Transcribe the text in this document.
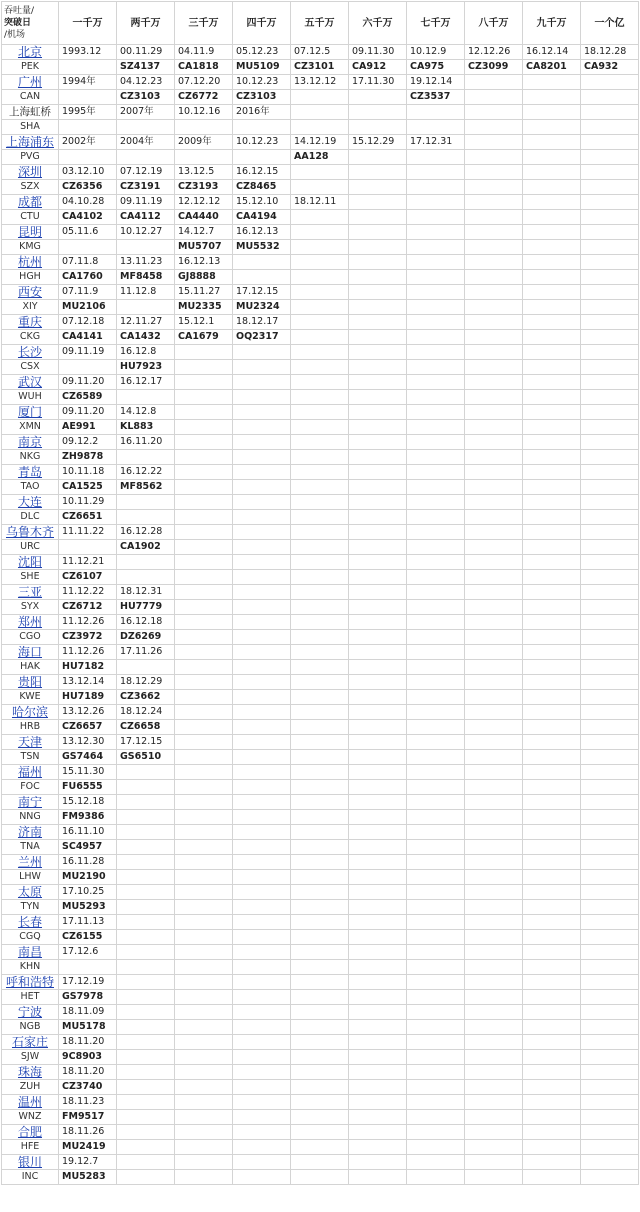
吞吐量/
突破日
/机场	一千万	两千万	三千万	四千万	五千万	六千万	七千万	八千万	九千万	一个亿
北京	1993.12	00.11.29	04.11.9	05.12.23	07.12.5	09.11.30	10.12.9	12.12.26	16.12.14	18.12.28
PEK		SZ4137	CA1818	MU5109	CZ3101	CA912	CA975	CZ3099	CA8201	CA932
广州	1994年	04.12.23	07.12.20	10.12.23	13.12.12	17.11.30	19.12.14			
CAN		CZ3103	CZ6772	CZ3103			CZ3537			
上海虹桥	1995年	2007年	10.12.16	2016年						
SHA										
上海浦东	2002年	2004年	2009年	10.12.23	14.12.19	15.12.29	17.12.31			
PVG					AA128					
深圳	03.12.10	07.12.19	13.12.5	16.12.15						
SZX	CZ6356	CZ3191	CZ3193	CZ8465						
成都	04.10.28	09.11.19	12.12.12	15.12.10	18.12.11					
CTU	CA4102	CA4112	CA4440	CA4194						
昆明	05.11.6	10.12.27	14.12.7	16.12.13						
KMG			MU5707	MU5532						
杭州	07.11.8	13.11.23	16.12.13							
HGH	CA1760	MF8458	GJ8888							
西安	07.11.9	11.12.8	15.11.27	17.12.15						
XIY	MU2106		MU2335	MU2324						
重庆	07.12.18	12.11.27	15.12.1	18.12.17						
CKG	CA4141	CA1432	CA1679	OQ2317						
长沙	09.11.19	16.12.8								
CSX		HU7923								
武汉	09.11.20	16.12.17								
WUH	CZ6589									
厦门	09.11.20	14.12.8								
XMN	AE991	KL883								
南京	09.12.2	16.11.20								
NKG	ZH9878									
青岛	10.11.18	16.12.22								
TAO	CA1525	MF8562								
大连	10.11.29									
DLC	CZ6651									
乌鲁木齐	11.11.22	16.12.28								
URC		CA1902								
沈阳	11.12.21									
SHE	CZ6107									
三亚	11.12.22	18.12.31								
SYX	CZ6712	HU7779								
郑州	11.12.26	16.12.18								
CGO	CZ3972	DZ6269								
海口	11.12.26	17.11.26								
HAK	HU7182									
贵阳	13.12.14	18.12.29								
KWE	HU7189	CZ3662								
哈尔滨	13.12.26	18.12.24								
HRB	CZ6657	CZ6658								
天津	13.12.30	17.12.15								
TSN	GS7464	GS6510								
福州	15.11.30									
FOC	FU6555									
南宁	15.12.18									
NNG	FM9386									
济南	16.11.10									
TNA	SC4957									
兰州	16.11.28									
LHW	MU2190									
太原	17.10.25									
TYN	MU5293									
长春	17.11.13									
CGQ	CZ6155									
南昌	17.12.6									
KHN										
呼和浩特	17.12.19									
HET	GS7978									
宁波	18.11.09									
NGB	MU5178									
石家庄	18.11.20									
SJW	9C8903									
珠海	18.11.20									
ZUH	CZ3740									
温州	18.11.23									
WNZ	FM9517									
合肥	18.11.26									
HFE	MU2419									
银川	19.12.7									
INC	MU5283									
